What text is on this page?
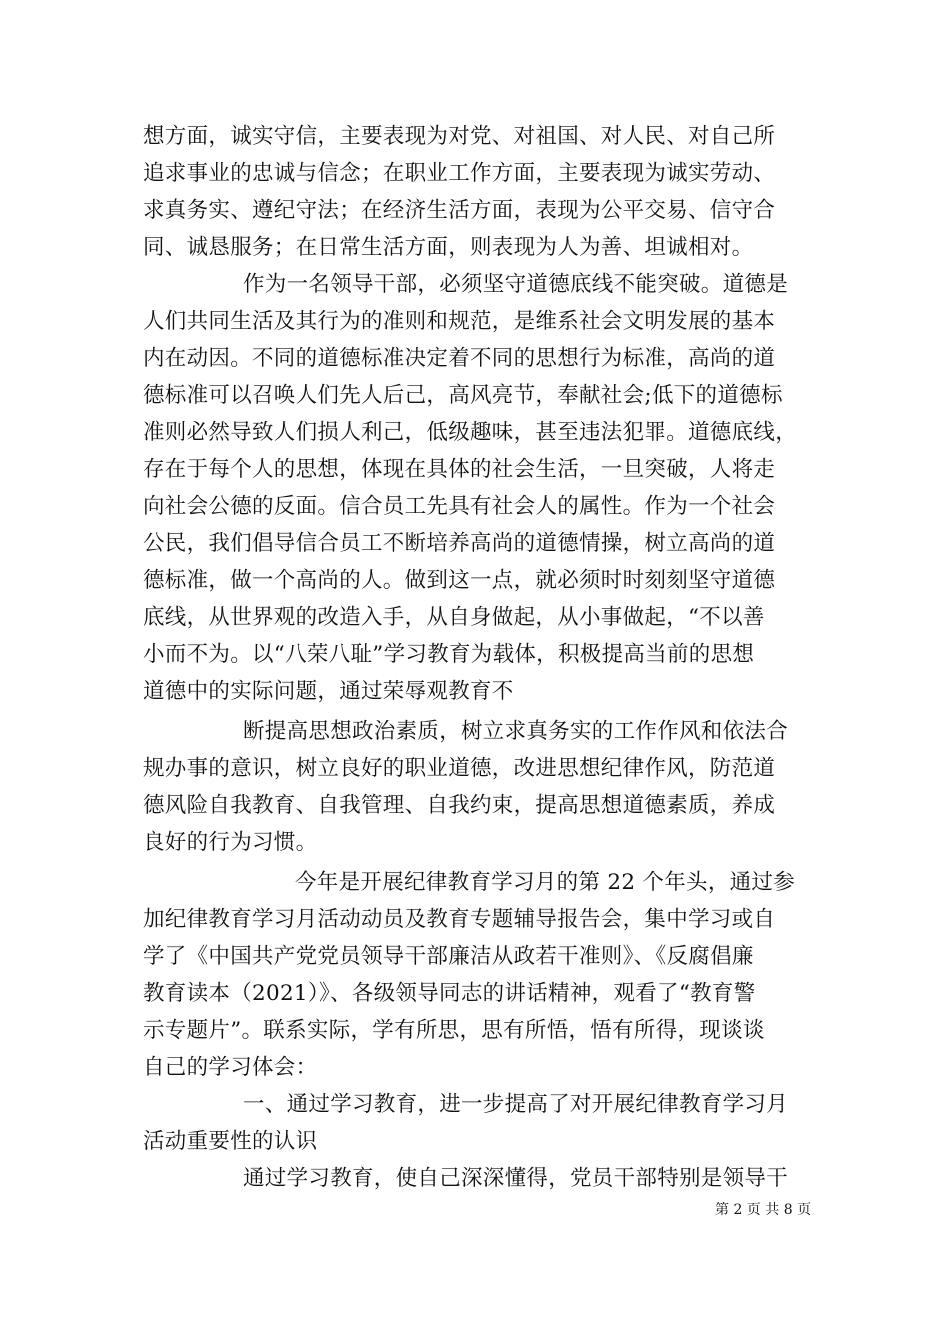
想方面，诚实守信，主要表现为对党、对祖国、对人民、对自己所
追求事业的忠诚与信念；在职业工作方面，主要表现为诚实劳动、
求真务实、遵纪守法；在经济生活方面，表现为公平交易、信守合
同、诚恳服务；在日常生活方面，则表现为人为善、坦诚相对。
作为一名领导干部，必须坚守道德底线不能突破。道德是
人们共同生活及其行为的准则和规范，是维系社会文明发展的基本
内在动因。不同的道德标准决定着不同的思想行为标准，高尚的道
德标准可以召唤人们先人后己，高风亮节，奉献社会;低下的道德标
准则必然导致人们损人利己，低级趣味，甚至违法犯罪。道德底线，
存在于每个人的思想，体现在具体的社会生活，一旦突破，人将走
向社会公德的反面。信合员工先具有社会人的属性。作为一个社会
公民，我们倡导信合员工不断培养高尚的道德情操，树立高尚的道
德标准，做一个高尚的人。做到这一点，就必须时时刻刻坚守道德
底线，从世界观的改造入手，从自身做起，从小事做起，“不以善
小而不为。以“八荣八耻”学习教育为载体，积极提高当前的思想
道德中的实际问题，通过荣辱观教育不
断提高思想政治素质，树立求真务实的工作作风和依法合
规办事的意识，树立良好的职业道德，改进思想纪律作风，防范道
德风险自我教育、自我管理、自我约束，提高思想道德素质，养成
良好的行为习惯。
今年是开展纪律教育学习月的第 22 个年头，通过参
加纪律教育学习月活动动员及教育专题辅导报告会，集中学习或自
学了《中国共产党党员领导干部廉洁从政若干准则》、《反腐倡廉
教育读本（2021）》、各级领导同志的讲话精神，观看了“教育警
示专题片”。联系实际，学有所思，思有所悟，悟有所得，现谈谈
自己的学习体会：
一、通过学习教育，进一步提高了对开展纪律教育学习月
活动重要性的认识
通过学习教育，使自己深深懂得，党员干部特别是领导干
第 2 页 共 8 页
